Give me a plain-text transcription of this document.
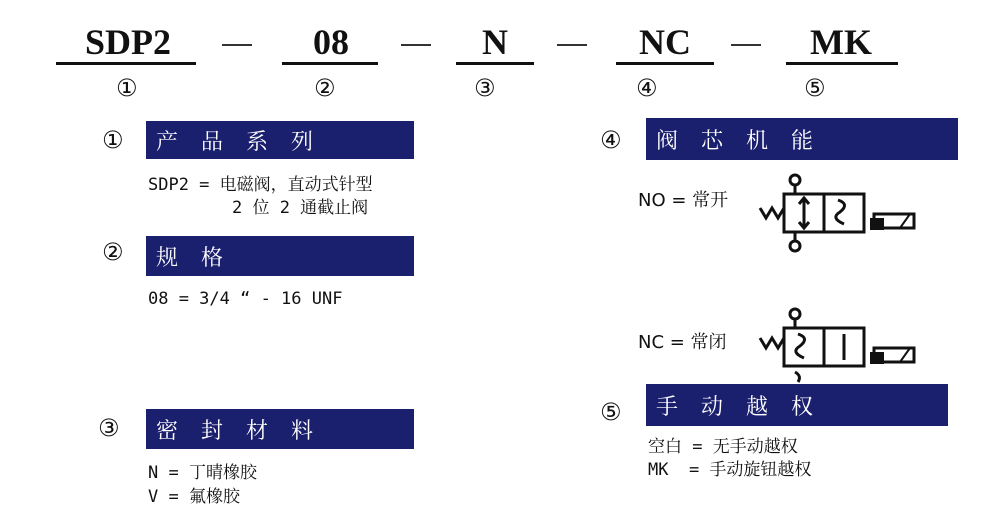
SDP2	08	N	NC	MK
①	②	③	④	⑤
①	产 品 系 列
SDP2 = 电磁阀，直动式针型
2 位 2 通截止阀
②	规 格
08 = 3/4 “ - 16 UNF
③	密 封 材 料
N = 丁晴橡胶
V = 氟橡胶
④	阀 芯 机 能
NO = 常开
NC = 常闭
⑤	手 动 越 权
空白 = 无手动越权
MK  = 手动旋钮越权
